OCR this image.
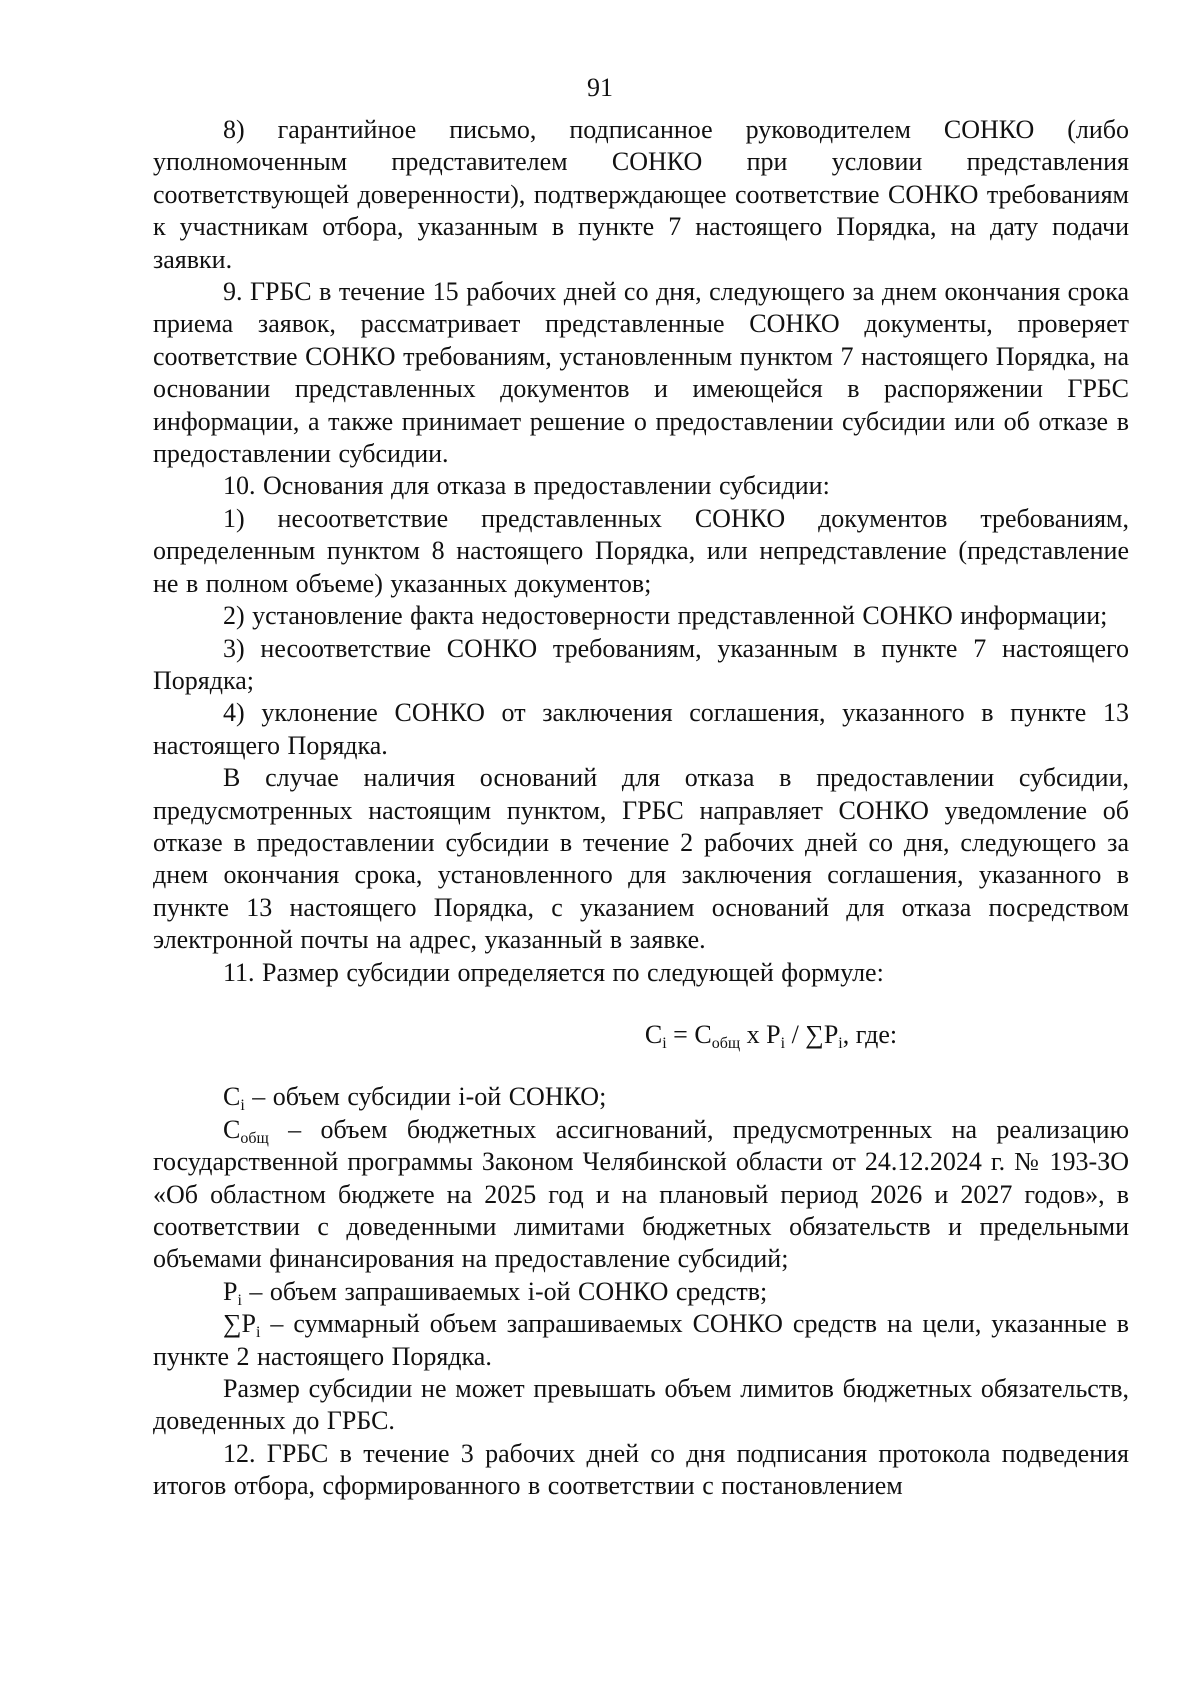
91

8) гарантийное письмо, подписанное руководителем СОНКО (либо уполномоченным представителем СОНКО при условии представления соответствующей доверенности), подтверждающее соответствие СОНКО требованиям к участникам отбора, указанным в пункте 7 настоящего Порядка, на дату подачи заявки.

9. ГРБС в течение 15 рабочих дней со дня, следующего за днем окончания срока приема заявок, рассматривает представленные СОНКО документы, проверяет соответствие СОНКО требованиям, установленным пунктом 7 настоящего Порядка, на основании представленных документов и имеющейся в распоряжении ГРБС информации, а также принимает решение о предоставлении субсидии или об отказе в предоставлении субсидии.

10. Основания для отказа в предоставлении субсидии:

1) несоответствие представленных СОНКО документов требованиям, определенным пунктом 8 настоящего Порядка, или непредставление (представление не в полном объеме) указанных документов;

2) установление факта недостоверности представленной СОНКО информации;

3) несоответствие СОНКО требованиям, указанным в пункте 7 настоящего Порядка;

4) уклонение СОНКО от заключения соглашения, указанного в пункте 13 настоящего Порядка.

В случае наличия оснований для отказа в предоставлении субсидии, предусмотренных настоящим пунктом, ГРБС направляет СОНКО уведомление об отказе в предоставлении субсидии в течение 2 рабочих дней со дня, следующего за днем окончания срока, установленного для заключения соглашения, указанного в пункте 13 настоящего Порядка, с указанием оснований для отказа посредством электронной почты на адрес, указанный в заявке.

11. Размер субсидии определяется по следующей формуле:

$C_i = C_{общ}$ x $P_i / \sum P_i$, где:

$C_i$ – объем субсидии i-ой СОНКО;

$С_{общ}$ – объем бюджетных ассигнований, предусмотренных на реализацию государственной программы Законом Челябинской области от 24.12.2024 г. № 193-ЗО «Об областном бюджете на 2025 год и на плановый период 2026 и 2027 годов», в соответствии с доведенными лимитами бюджетных обязательств и предельными объемами финансирования на предоставление субсидий;

$P_i$ – объем запрашиваемых i-ой СОНКО средств;

$\sum P_i$ – суммарный объем запрашиваемых СОНКО средств на цели, указанные в пункте 2 настоящего Порядка.

Размер субсидии не может превышать объем лимитов бюджетных обязательств, доведенных до ГРБС.

12. ГРБС в течение 3 рабочих дней со дня подписания протокола подведения итогов отбора, сформированного в соответствии с постановлением
